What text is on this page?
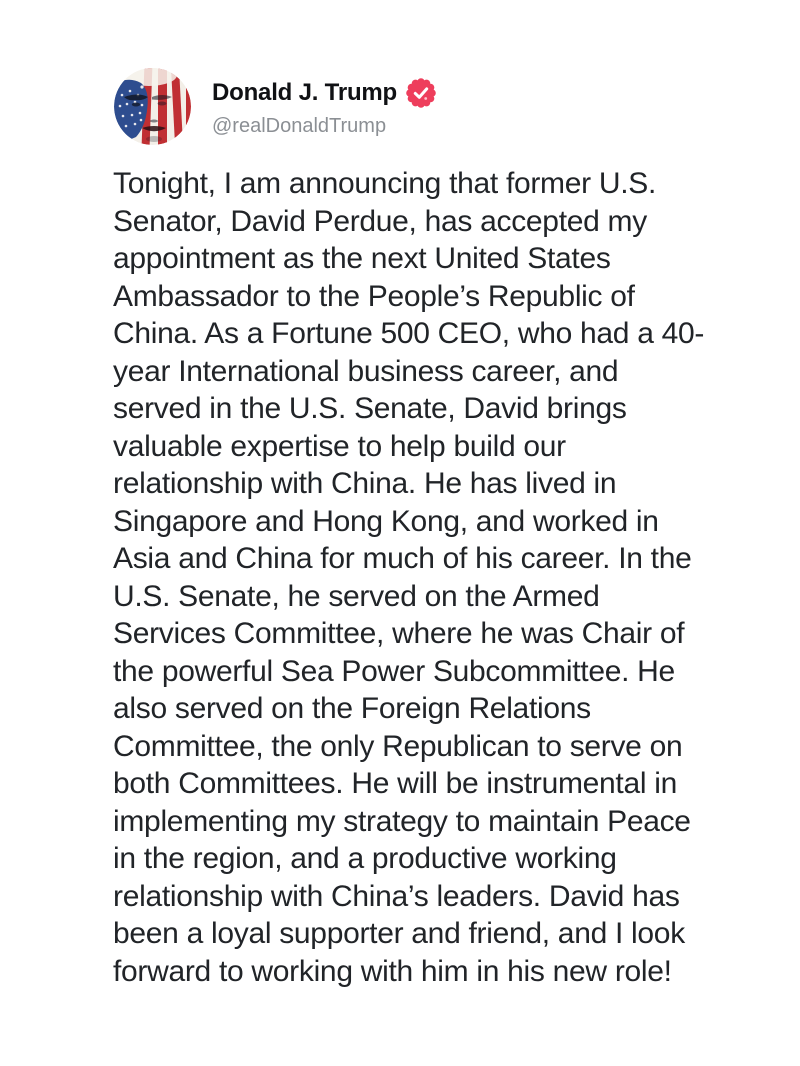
Donald J. Trump
@realDonaldTrump
Tonight, I am announcing that former U.S.
Senator, David Perdue, has accepted my
appointment as the next United States
Ambassador to the People’s Republic of
China. As a Fortune 500 CEO, who had a 40-
year International business career, and
served in the U.S. Senate, David brings
valuable expertise to help build our
relationship with China. He has lived in
Singapore and Hong Kong, and worked in
Asia and China for much of his career. In the
U.S. Senate, he served on the Armed
Services Committee, where he was Chair of
the powerful Sea Power Subcommittee. He
also served on the Foreign Relations
Committee, the only Republican to serve on
both Committees. He will be instrumental in
implementing my strategy to maintain Peace
in the region, and a productive working
relationship with China’s leaders. David has
been a loyal supporter and friend, and I look
forward to working with him in his new role!
